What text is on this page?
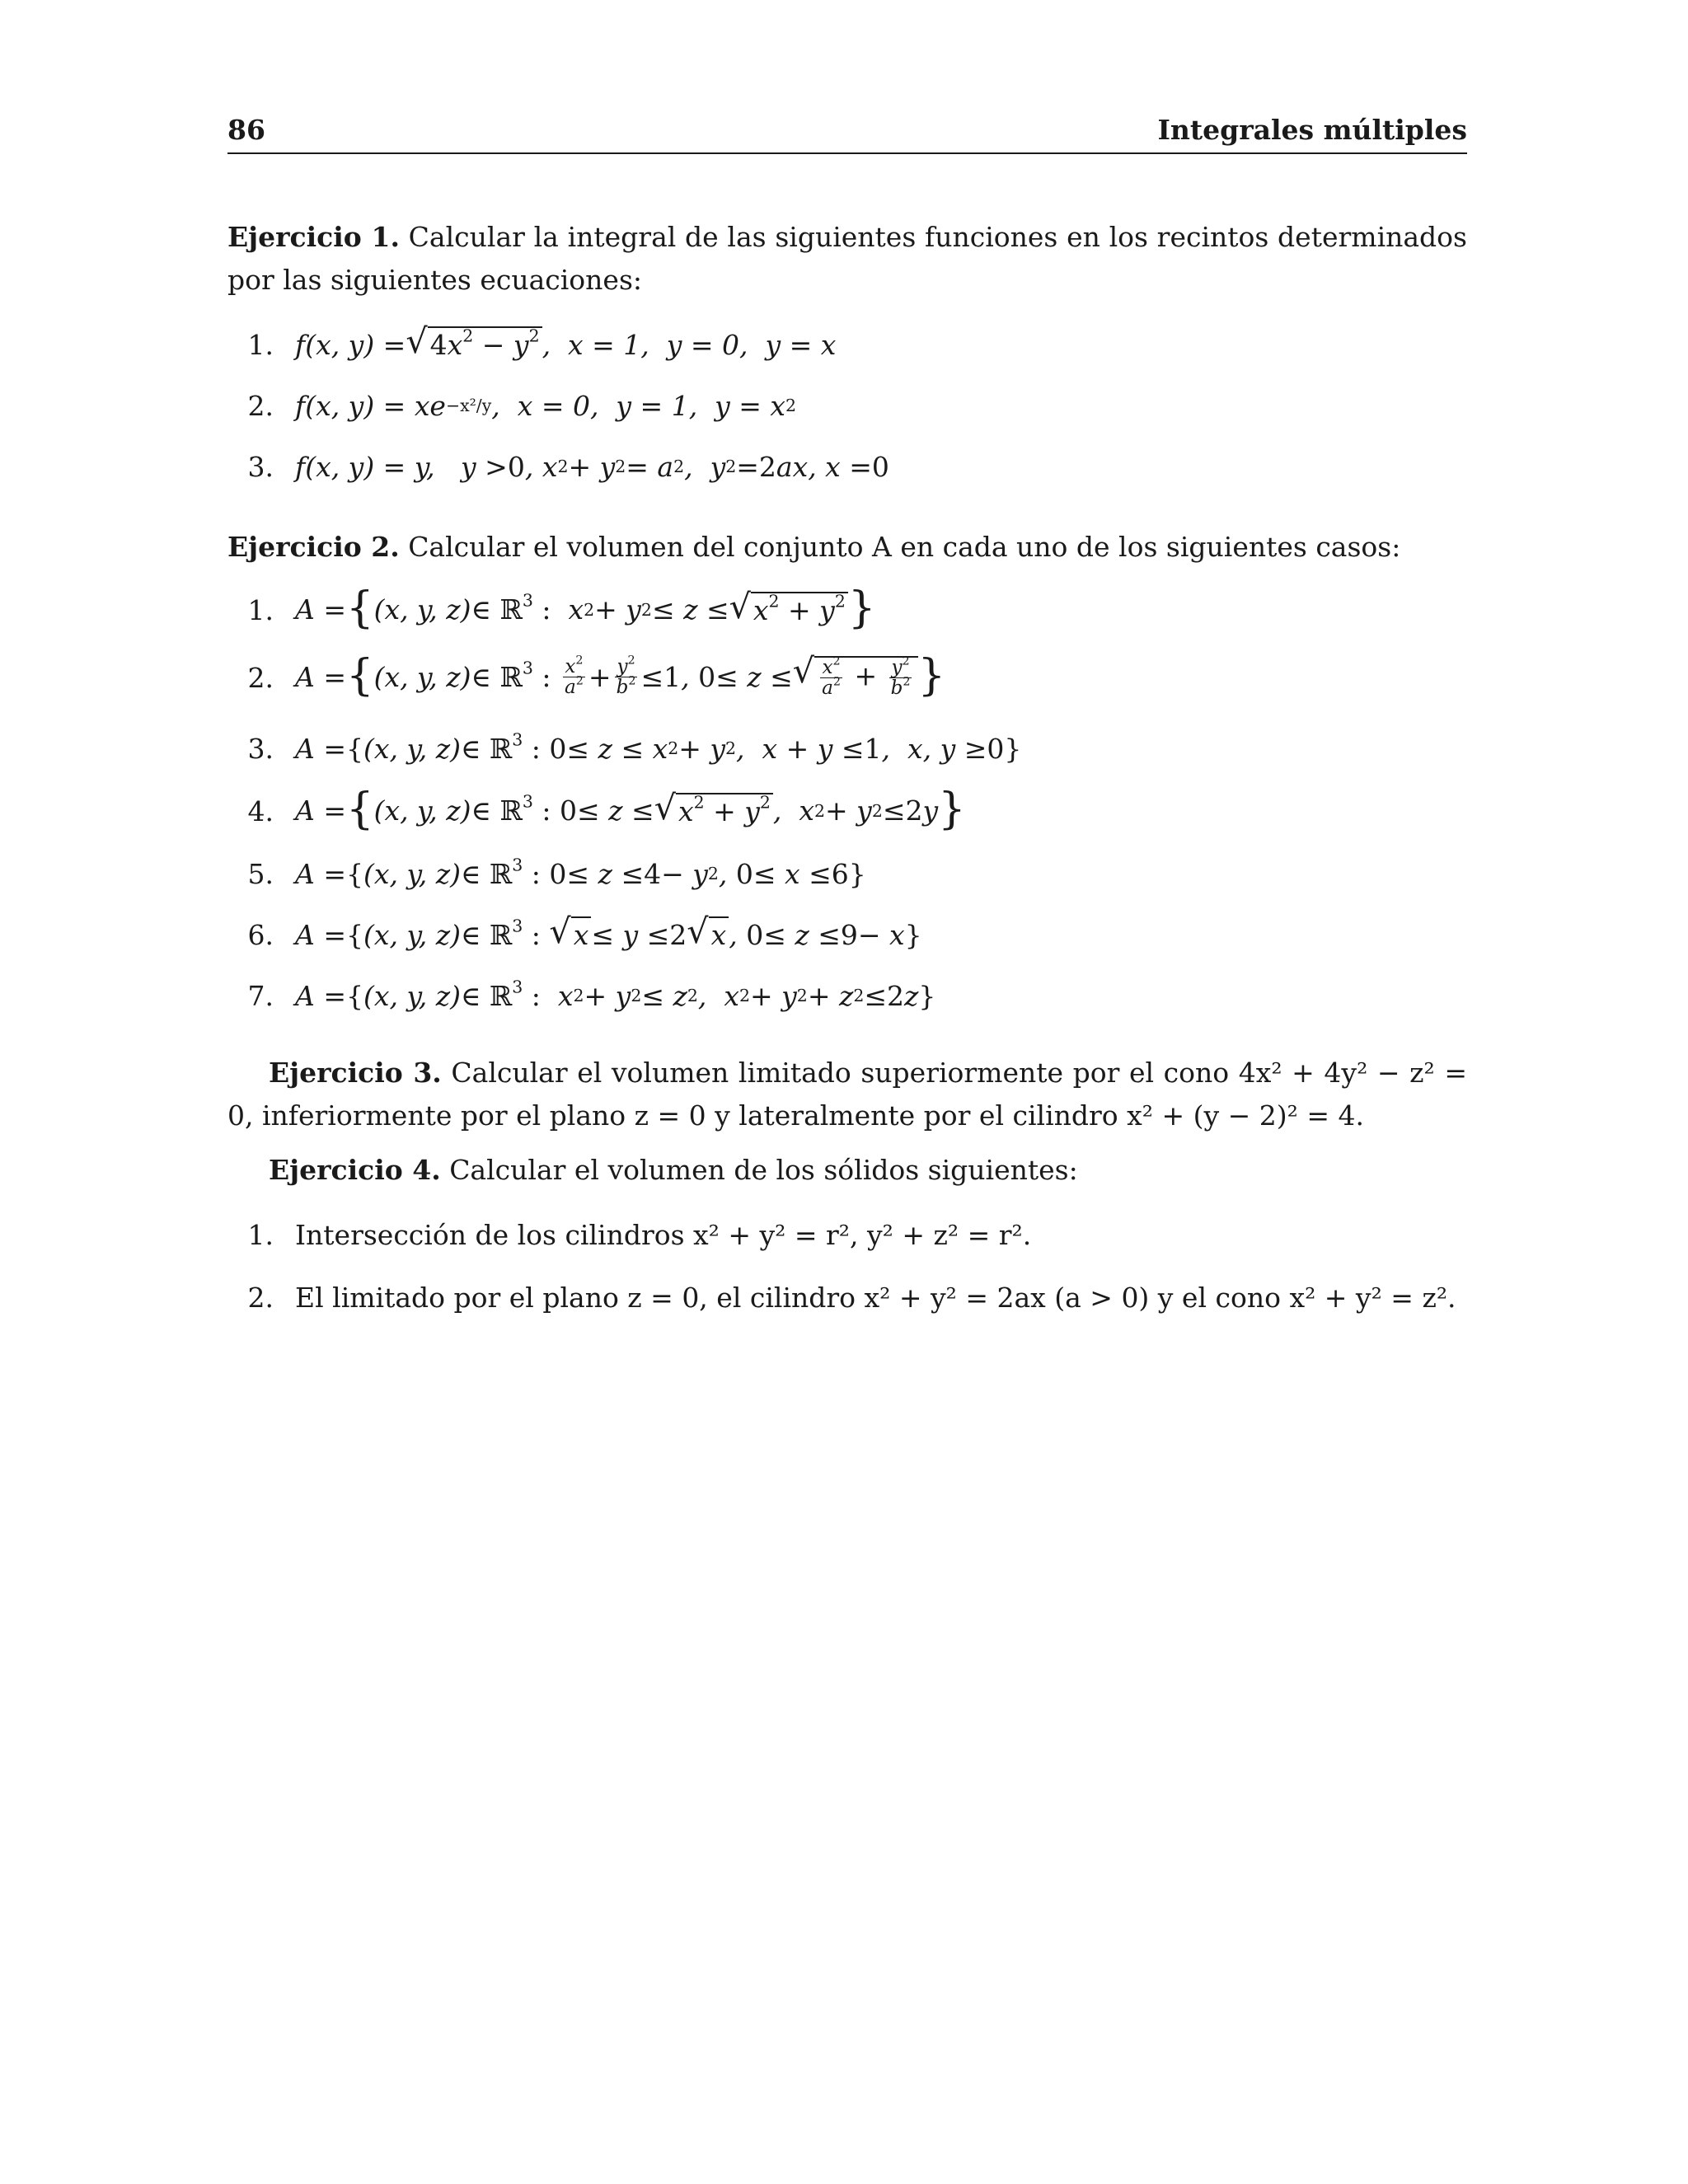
86	Integrales múltiples
Ejercicio 1. Calcular la integral de las siguientes funciones en los recintos determinados por las siguientes ecuaciones:
1. f(x, y) = √ $4x^2 - y^2$ ,  x = 1,  y = 0,  y = x
2. f(x, y) = xe −x²/y ,  x = 0,  y = 1,  y = x 2
3. f(x, y) = y,   y > 0 , x 2 + y 2 = a 2 ,  y 2 = 2 ax, x = 0
Ejercicio 2. Calcular el volumen del conjunto A en cada uno de los siguientes casos:
1. A = { (x, y, z) ∈ ℝ$^3$ : x 2 + y 2 ≤ z ≤ √ $x^2 + y^2$ }
2. A = { (x, y, z) ∈ ℝ$^3$ :
$\frac{x^2}{a^2} + \frac{y^2}{b^2} \le 1$ , 0 ≤ z ≤ √ $\frac{x^2}{a^2} + \frac{y^2}{b^2}$ }
3. A = { (x, y, z) ∈ ℝ$^3$ :
0 ≤ z ≤ x 2 + y 2 ,  x + y ≤ 1 ,  x, y ≥ 0}
4. A = { (x, y, z) ∈ ℝ$^3$ :
0 ≤ z ≤ √ $x^2 + y^2$ ,  x 2 + y 2 ≤ 2 y }
5. A = { (x, y, z) ∈ ℝ$^3$ :
0 ≤ z ≤ 4 − y 2 , 0 ≤ x ≤ 6}
6. A = { (x, y, z) ∈ ℝ$^3$ :
√ x ≤ y ≤ 2 √ x , 0 ≤ z ≤ 9 − x }
7. A = { (x, y, z) ∈ ℝ$^3$ : x 2 + y 2 ≤ z 2 ,  x 2 + y 2 + z 2 ≤ 2 z }
Ejercicio 3. Calcular el volumen limitado superiormente por el cono 4x² + 4y² − z² = 0, inferiormente por el plano z = 0 y lateralmente por el cilindro x² + (y − 2)² = 4.
Ejercicio 4. Calcular el volumen de los sólidos siguientes:
1. Intersección de los cilindros x² + y² = r², y² + z² = r².
2. El limitado por el plano z = 0, el cilindro x² + y² = 2ax (a > 0) y el cono x² + y² = z².
